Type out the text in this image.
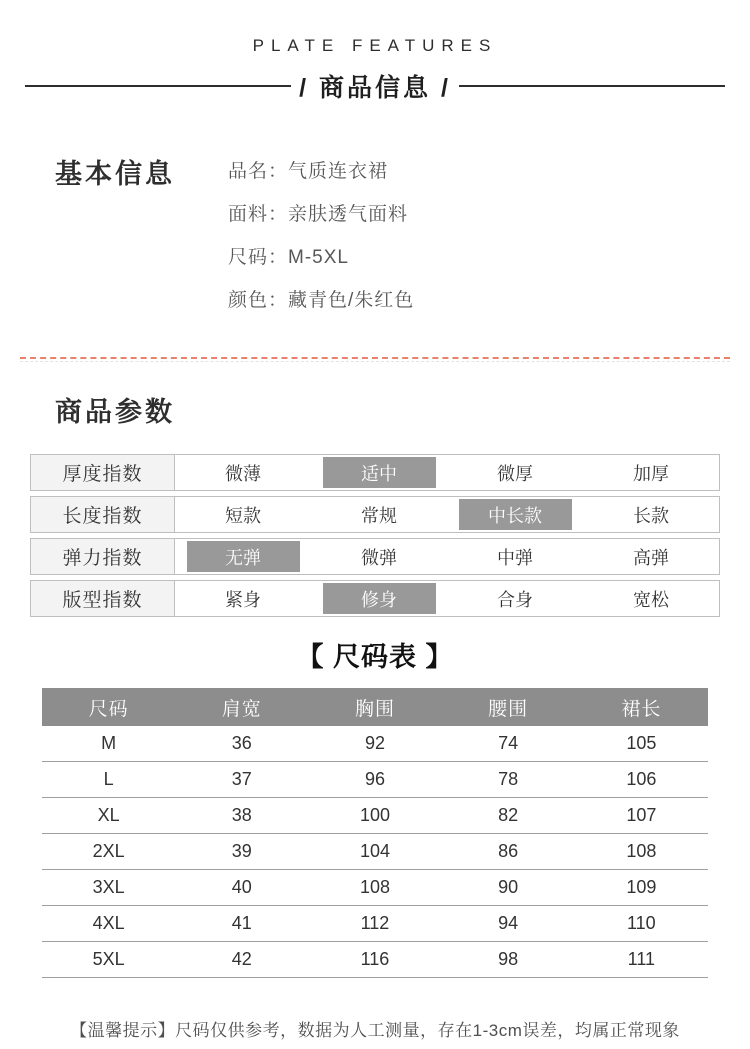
PLATE FEATURES
/ 商品信息 /
基本信息	品名：气质连衣裙
面料：亲肤透气面料
尺码：M-5XL
颜色：藏青色/朱红色
商品参数
厚度指数	微薄	适中	微厚	加厚
长度指数	短款	常规	中长款	长款
弹力指数	无弹	微弹	中弹	高弹
版型指数	紧身	修身	合身	宽松
【 尺码表 】
尺码	肩宽	胸围	腰围	裙长
M	36	92	74	105
L	37	96	78	106
XL	38	100	82	107
2XL	39	104	86	108
3XL	40	108	90	109
4XL	41	112	94	110
5XL	42	116	98	111
【温馨提示】尺码仅供参考，数据为人工测量，存在1-3cm误差，均属正常现象
